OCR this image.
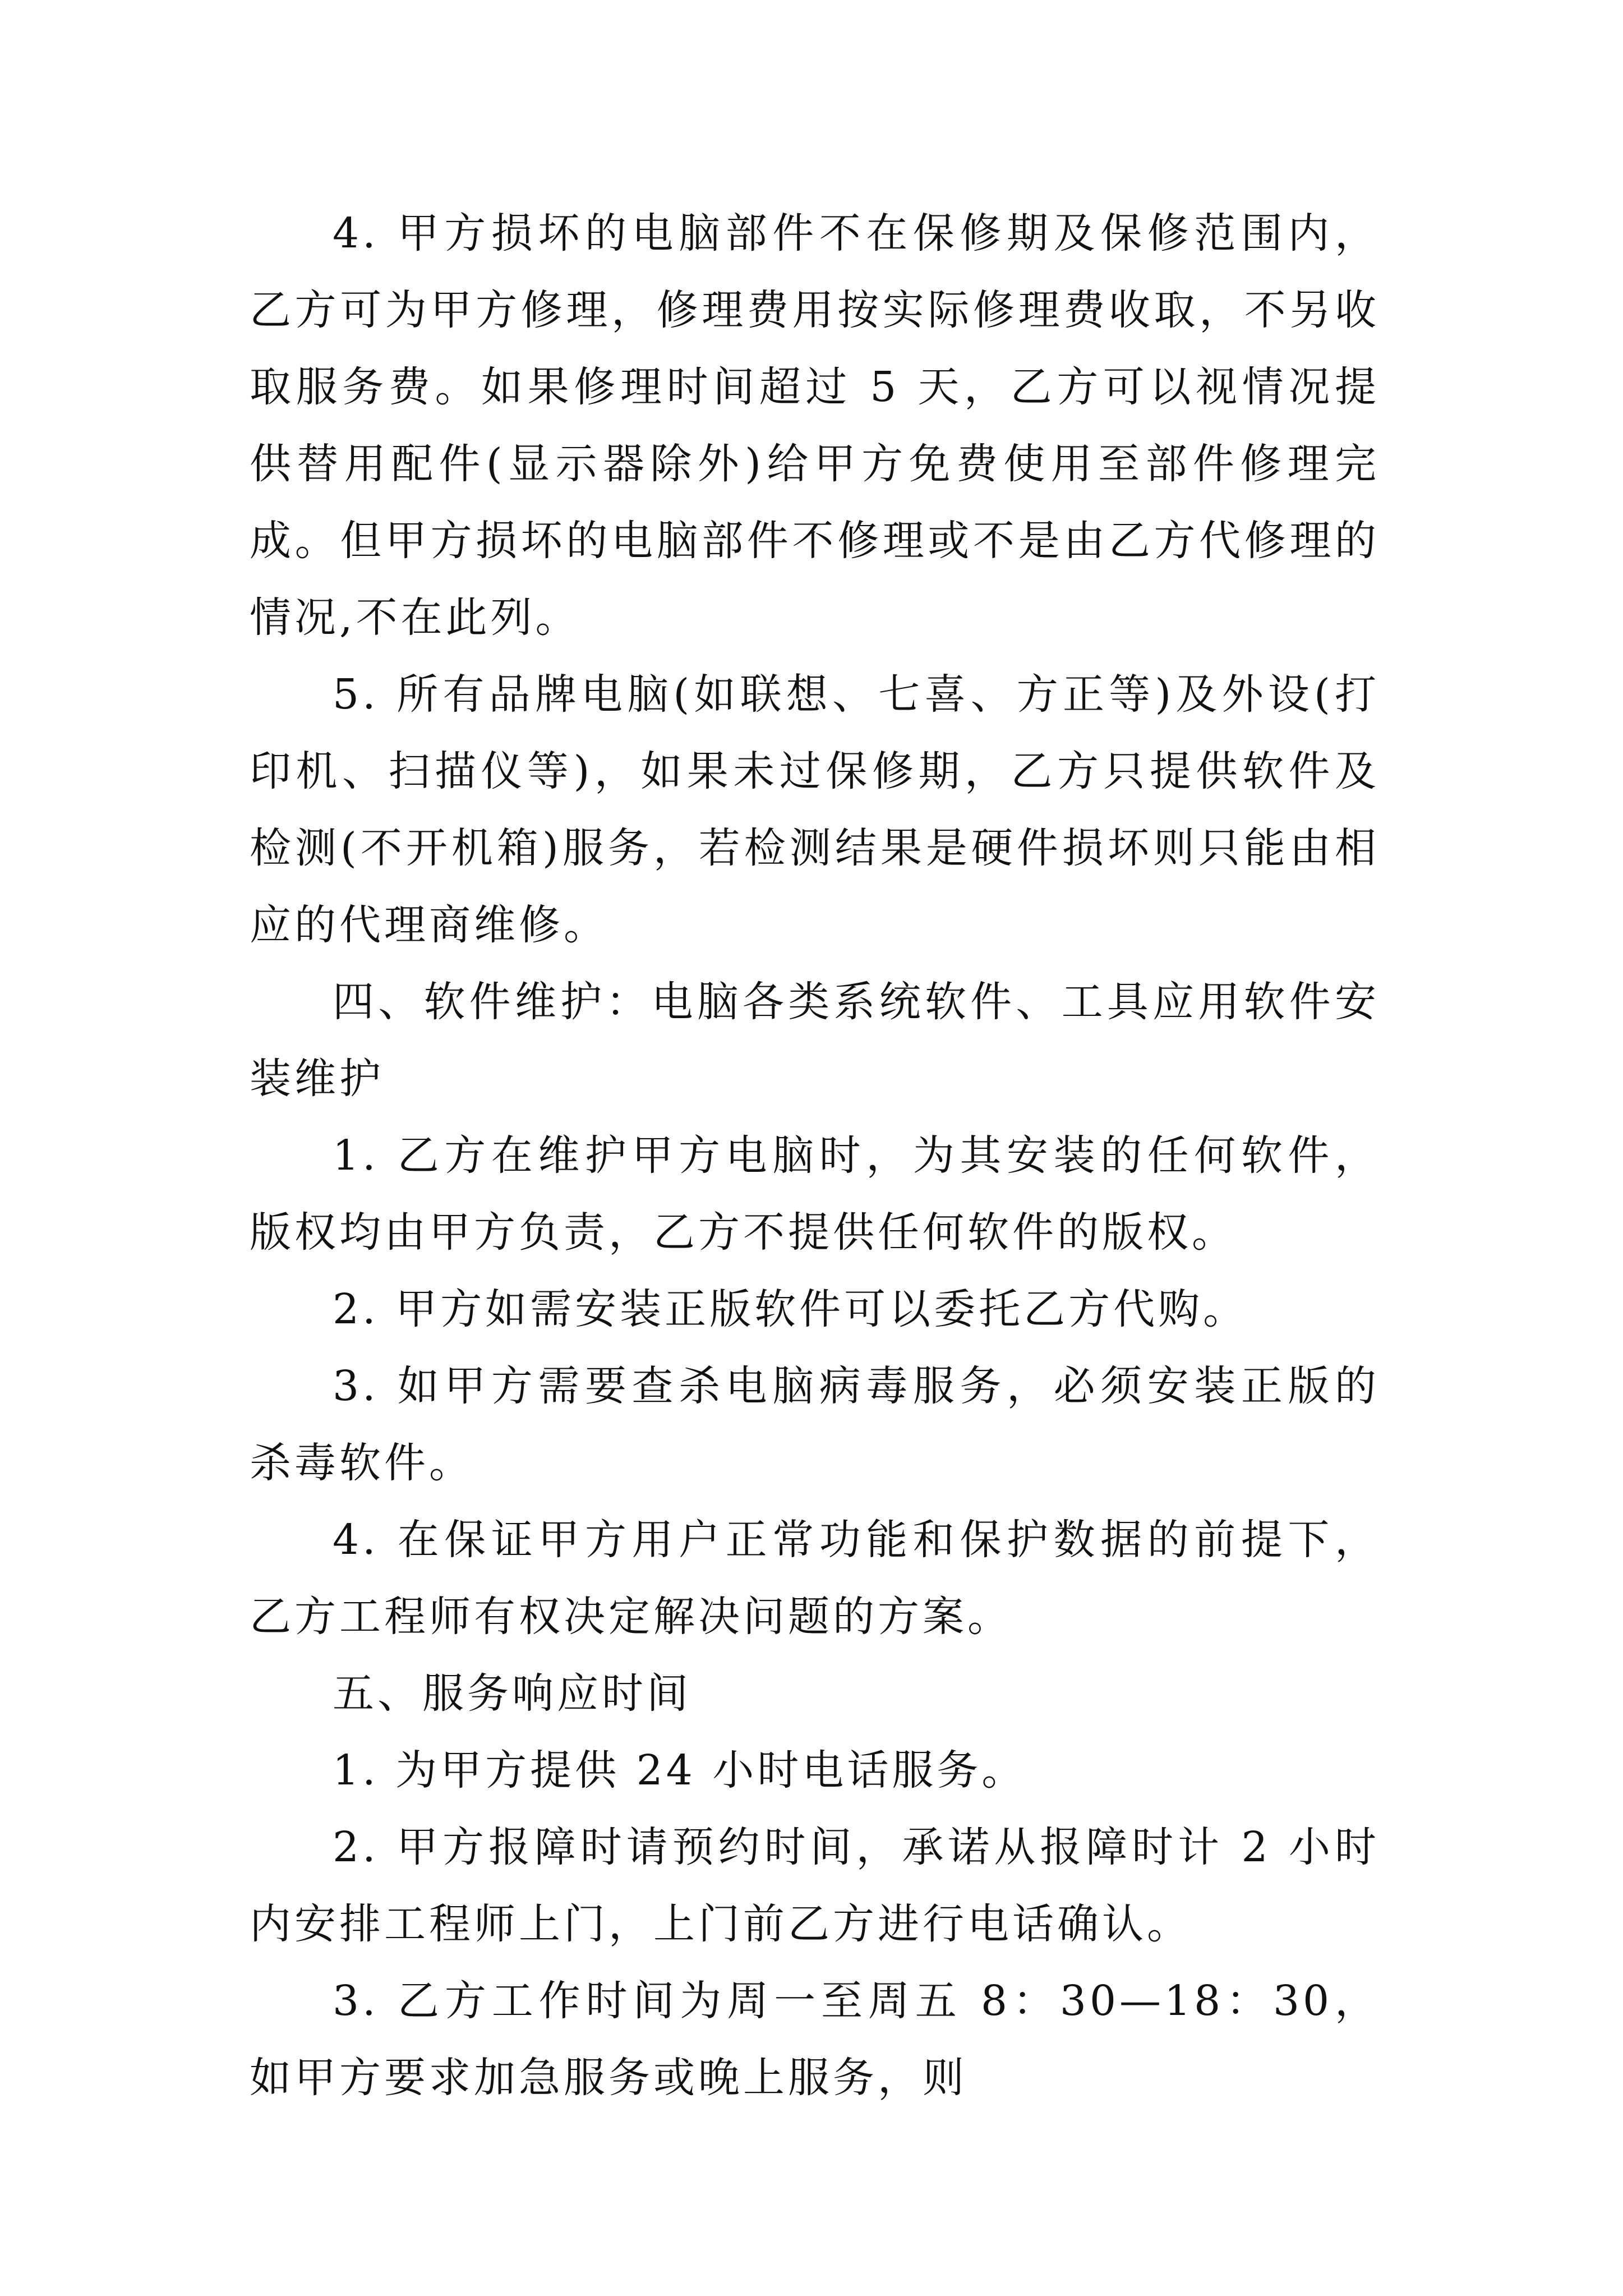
4. 甲方损坏的电脑部件不在保修期及保修范围内，乙方可为甲方修理，修理费用按实际修理费收取，不另收取服务费。如果修理时间超过 5 天，乙方可以视情况提供替用配件(显示器除外)给甲方免费使用至部件修理完成。但甲方损坏的电脑部件不修理或不是由乙方代修理的情况,不在此列。

5. 所有品牌电脑(如联想、七喜、方正等)及外设(打印机、扫描仪等)，如果未过保修期，乙方只提供软件及检测(不开机箱)服务，若检测结果是硬件损坏则只能由相应的代理商维修。

四、软件维护：电脑各类系统软件、工具应用软件安装维护

1. 乙方在维护甲方电脑时，为其安装的任何软件，版权均由甲方负责，乙方不提供任何软件的版权。

2. 甲方如需安装正版软件可以委托乙方代购。

3. 如甲方需要查杀电脑病毒服务，必须安装正版的杀毒软件。

4. 在保证甲方用户正常功能和保护数据的前提下，乙方工程师有权决定解决问题的方案。

五、服务响应时间

1. 为甲方提供 24 小时电话服务。

2. 甲方报障时请预约时间，承诺从报障时计 2 小时内安排工程师上门，上门前乙方进行电话确认。

3. 乙方工作时间为周一至周五 8：30—18：30，如甲方要求加急服务或晚上服务，则
